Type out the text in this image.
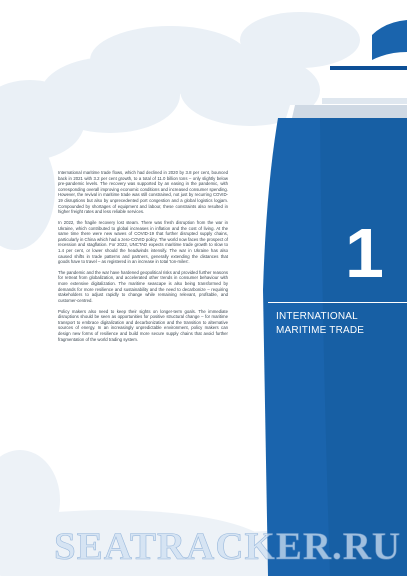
International maritime trade flows, which had declined in 2020 by 3.8 per cent, bounced back in 2021 with 3.2 per cent growth, to a total of 11.0 billion tons – only slightly below pre-pandemic levels. The recovery was supported by an easing in the pandemic, with corresponding overall improving economic conditions and increased consumer spending. However, the revival in maritime trade was still constrained, not just by recurring COVID-19 disruptions but also by unprecedented port congestion and a global logistics logjam. Compounded by shortages of equipment and labour, these constraints also resulted in higher freight rates and less reliable services.

In 2022, the fragile recovery lost steam. There was fresh disruption from the war in Ukraine, which contributed to global increases in inflation and the cost of living. At the same time there were new waves of COVID-19 that further disrupted supply chains, particularly in China which had a zero-COVID policy. The world now faces the prospect of recession and stagflation. For 2022, UNCTAD expects maritime trade growth to slow to 1.4 per cent, or lower should the headwinds intensify. The war in Ukraine has also caused shifts in trade patterns and partners, generally extending the distances that goods have to travel – as registered in an increase in total 'ton-miles'.

The pandemic and the war have hardened geopolitical risks and provided further reasons for retreat from globalization, and accelerated other trends in consumer behaviour with more extensive digitalization. The maritime seascape is also being transformed by demands for more resilience and sustainability and the need to decarbonize – requiring stakeholders to adjust rapidly to change while remaining relevant, profitable, and customer-centred.

Policy makers also need to keep their sights on longer-term goals. The immediate disruptions should be seen as opportunities for positive structural change – for maritime transport to embrace digitalization and decarbonization and the transition to alternative sources of energy. In an increasingly unpredictable environment, policy makers can design new forms of resilience and build more secure supply chains that avoid further fragmentation of the world trading system.

1
INTERNATIONAL
MARITIME TRADE
SEATRACKER.RU
